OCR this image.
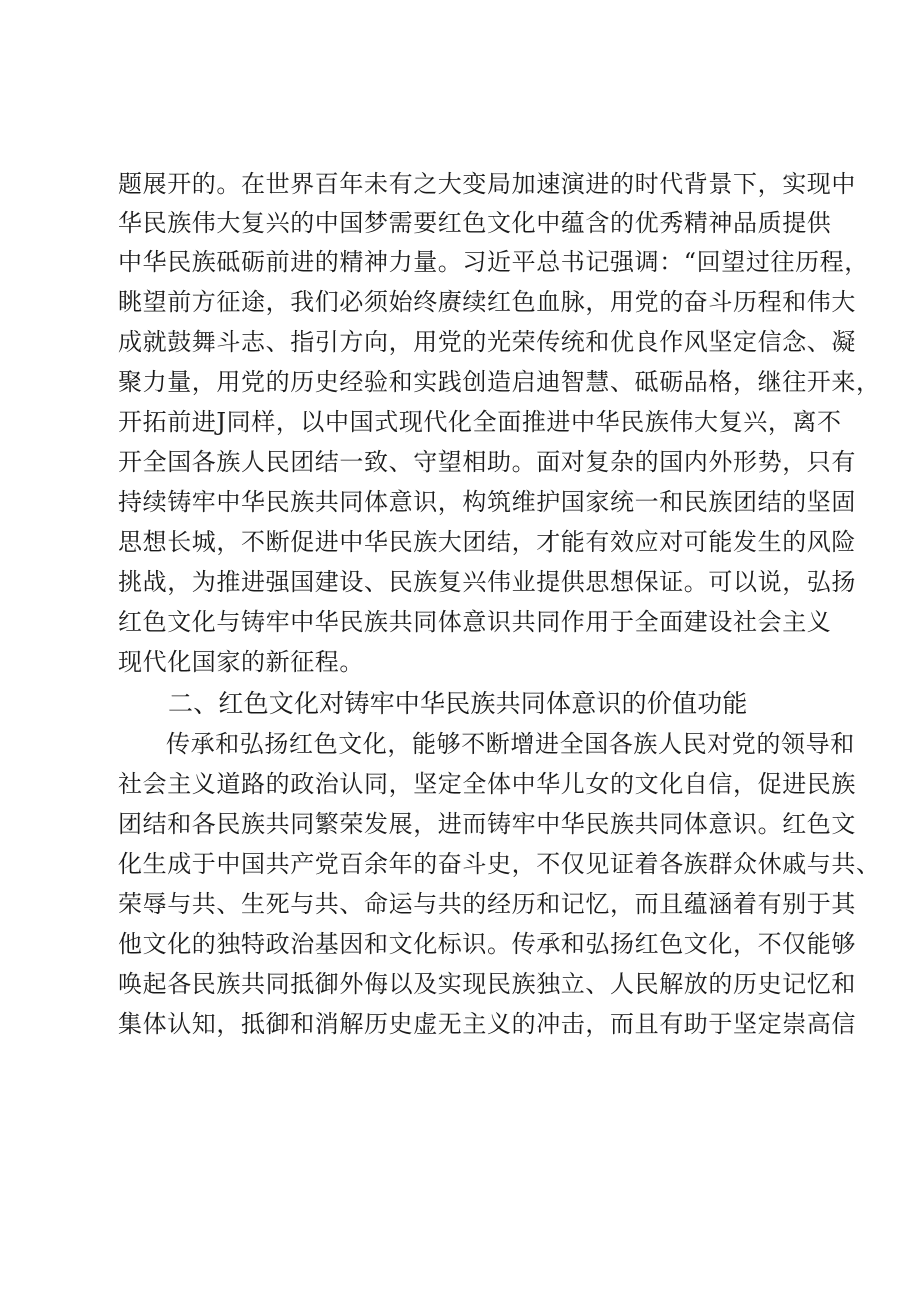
题展开的。在世界百年未有之大变局加速演进的时代背景下，实现中
华民族伟大复兴的中国梦需要红色文化中蕴含的优秀精神品质提供
中华民族砥砺前进的精神力量。习近平总书记强调：“回望过往历程，
眺望前方征途，我们必须始终赓续红色血脉，用党的奋斗历程和伟大
成就鼓舞斗志、指引方向，用党的光荣传统和优良作风坚定信念、凝
聚力量，用党的历史经验和实践创造启迪智慧、砥砺品格，继往开来，
开拓前进J同样，以中国式现代化全面推进中华民族伟大复兴，离不
开全国各族人民团结一致、守望相助。面对复杂的国内外形势，只有
持续铸牢中华民族共同体意识，构筑维护国家统一和民族团结的坚固
思想长城，不断促进中华民族大团结，才能有效应对可能发生的风险
挑战，为推进强国建设、民族复兴伟业提供思想保证。可以说，弘扬
红色文化与铸牢中华民族共同体意识共同作用于全面建设社会主义
现代化国家的新征程。
二、红色文化对铸牢中华民族共同体意识的价值功能
传承和弘扬红色文化，能够不断增进全国各族人民对党的领导和
社会主义道路的政治认同，坚定全体中华儿女的文化自信，促进民族
团结和各民族共同繁荣发展，进而铸牢中华民族共同体意识。红色文
化生成于中国共产党百余年的奋斗史，不仅见证着各族群众休戚与共、
荣辱与共、生死与共、命运与共的经历和记忆，而且蕴涵着有别于其
他文化的独特政治基因和文化标识。传承和弘扬红色文化，不仅能够
唤起各民族共同抵御外侮以及实现民族独立、人民解放的历史记忆和
集体认知，抵御和消解历史虚无主义的冲击，而且有助于坚定崇高信
